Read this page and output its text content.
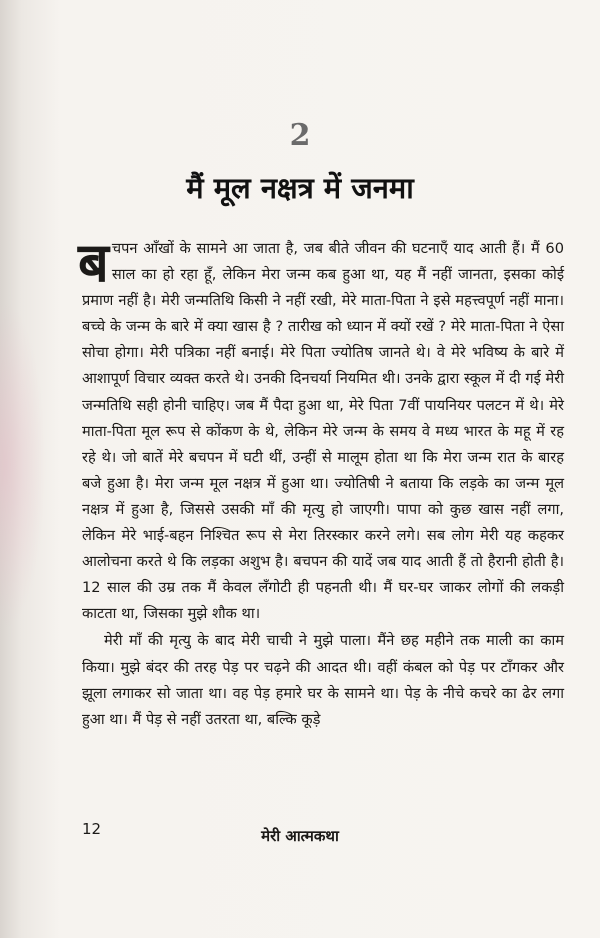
2
मैं मूल नक्षत्र में जनमा

बचपन आँखों के सामने आ जाता है, जब बीते जीवन की घटनाएँ याद आती हैं। मैं 60 साल का हो रहा हूँ, लेकिन मेरा जन्म कब हुआ था, यह मैं नहीं जानता, इसका कोई प्रमाण नहीं है। मेरी जन्मतिथि किसी ने नहीं रखी, मेरे माता-पिता ने इसे महत्त्वपूर्ण नहीं माना। बच्चे के जन्म के बारे में क्या खास है ? तारीख को ध्यान में क्यों रखें ? मेरे माता-पिता ने ऐसा सोचा होगा। मेरी पत्रिका नहीं बनाई। मेरे पिता ज्योतिष जानते थे। वे मेरे भविष्य के बारे में आशापूर्ण विचार व्यक्त करते थे। उनकी दिनचर्या नियमित थी। उनके द्वारा स्कूल में दी गई मेरी जन्मतिथि सही होनी चाहिए। जब मैं पैदा हुआ था, मेरे पिता 7वीं पायनियर पलटन में थे। मेरे माता-पिता मूल रूप से कोंकण के थे, लेकिन मेरे जन्म के समय वे मध्य भारत के महू में रह रहे थे। जो बातें मेरे बचपन में घटी थीं, उन्हीं से मालूम होता था कि मेरा जन्म रात के बारह बजे हुआ है। मेरा जन्म मूल नक्षत्र में हुआ था। ज्योतिषी ने बताया कि लड़के का जन्म मूल नक्षत्र में हुआ है, जिससे उसकी माँ की मृत्यु हो जाएगी। पापा को कुछ खास नहीं लगा, लेकिन मेरे भाई-बहन निश्चित रूप से मेरा तिरस्कार करने लगे। सब लोग मेरी यह कहकर आलोचना करते थे कि लड़का अशुभ है। बचपन की यादें जब याद आती हैं तो हैरानी होती है। 12 साल की उम्र तक मैं केवल लँगोटी ही पहनती थी। मैं घर-घर जाकर लोगों की लकड़ी काटता था, जिसका मुझे शौक था।

मेरी माँ की मृत्यु के बाद मेरी चाची ने मुझे पाला। मैंने छह महीने तक माली का काम किया। मुझे बंदर की तरह पेड़ पर चढ़ने की आदत थी। वहीं कंबल को पेड़ पर टाँगकर और झूला लगाकर सो जाता था। वह पेड़ हमारे घर के सामने था। पेड़ के नीचे कचरे का ढेर लगा हुआ था। मैं पेड़ से नहीं उतरता था, बल्कि कूड़े

12	मेरी आत्मकथा
